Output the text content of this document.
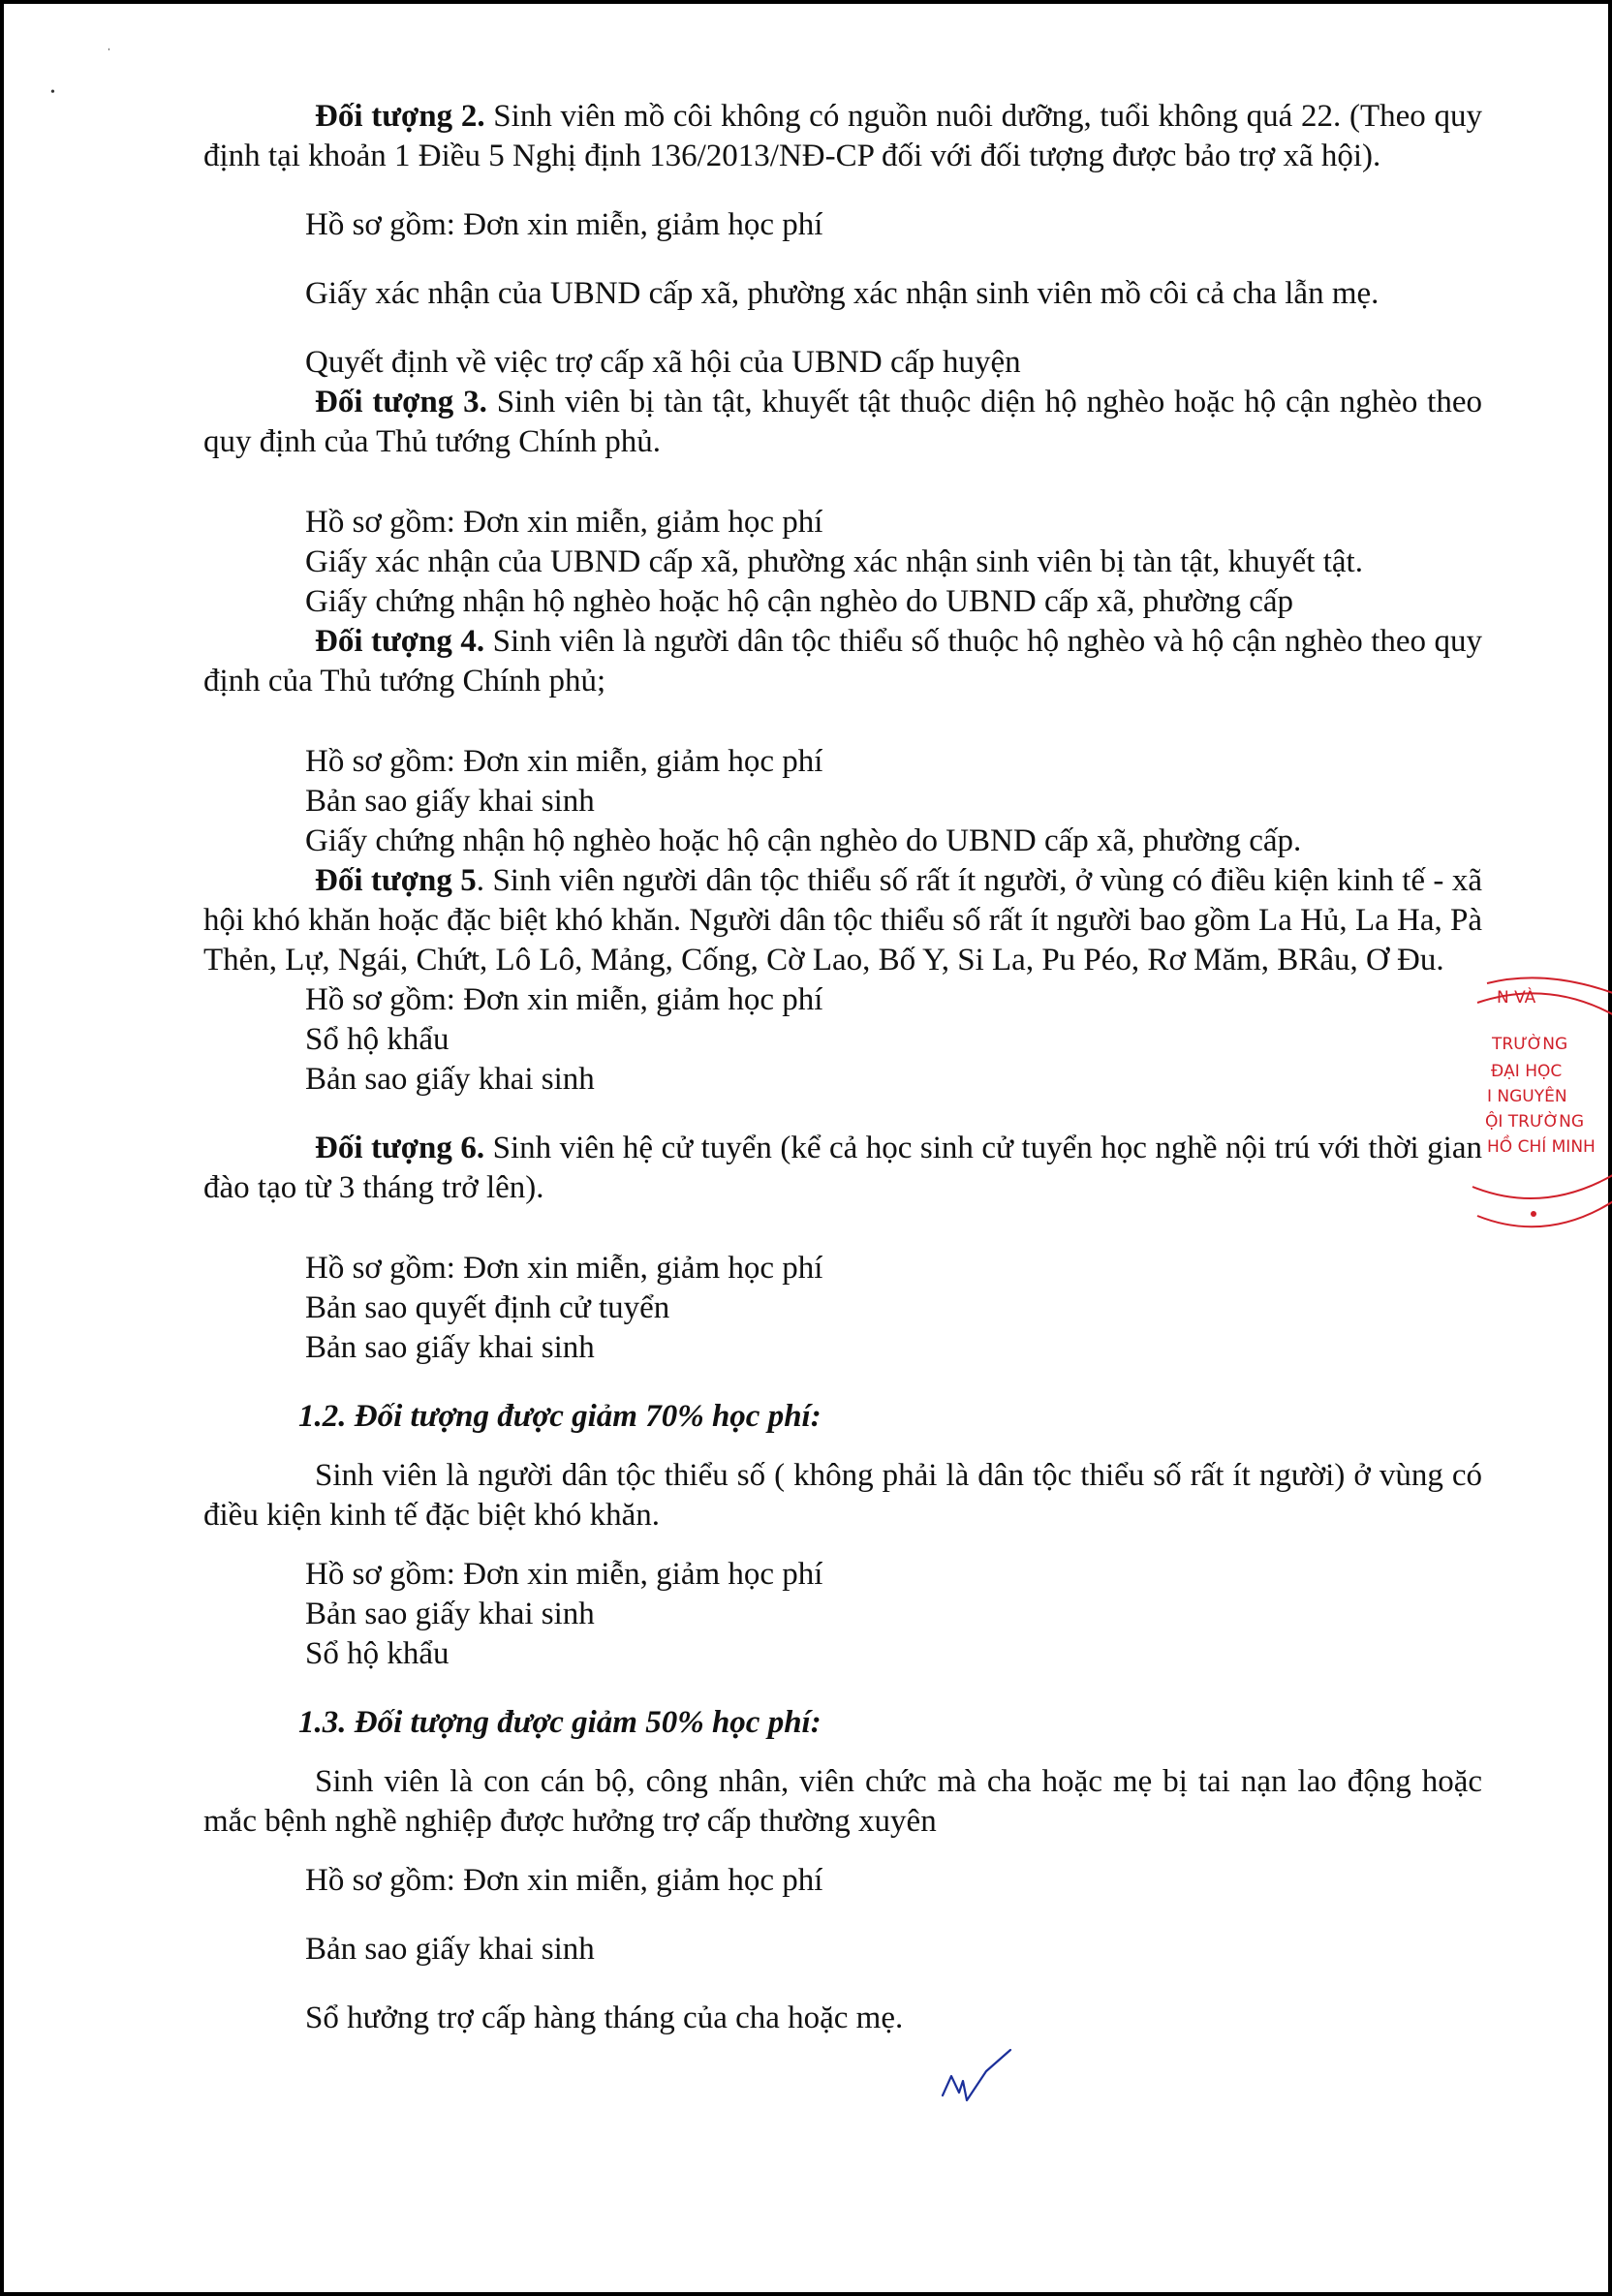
ˌ
•

Đối tượng 2. Sinh viên mồ côi không có nguồn nuôi dưỡng, tuổi không quá 22. (Theo quy định tại khoản 1 Điều 5 Nghị định 136/2013/NĐ-CP đối với đối tượng được bảo trợ xã hội).

Hồ sơ gồm: Đơn xin miễn, giảm học phí

Giấy xác nhận của UBND cấp xã, phường xác nhận sinh viên mồ côi cả cha lẫn mẹ.

Quyết định về việc trợ cấp xã hội của UBND cấp huyện

Đối tượng 3. Sinh viên bị tàn tật, khuyết tật thuộc diện hộ nghèo hoặc hộ cận nghèo theo quy định của Thủ tướng Chính phủ.

Hồ sơ gồm: Đơn xin miễn, giảm học phí

Giấy xác nhận của UBND cấp xã, phường xác nhận sinh viên bị tàn tật, khuyết tật.

Giấy chứng nhận hộ nghèo hoặc hộ cận nghèo do UBND cấp xã, phường cấp

Đối tượng 4. Sinh viên là người dân tộc thiểu số thuộc hộ nghèo và hộ cận nghèo theo quy định của Thủ tướng Chính phủ;

Hồ sơ gồm: Đơn xin miễn, giảm học phí

Bản sao giấy khai sinh

Giấy chứng nhận hộ nghèo hoặc hộ cận nghèo do UBND cấp xã, phường cấp.

Đối tượng 5. Sinh viên người dân tộc thiểu số rất ít người, ở vùng có điều kiện kinh tế - xã hội khó khăn hoặc đặc biệt khó khăn. Người dân tộc thiểu số rất ít người bao gồm La Hủ, La Ha, Pà Thẻn, Lự, Ngái, Chứt, Lô Lô, Mảng, Cống, Cờ Lao, Bố Y, Si La, Pu Péo, Rơ Măm, BRâu, Ơ Đu.

Hồ sơ gồm: Đơn xin miễn, giảm học phí

Sổ hộ khẩu

Bản sao giấy khai sinh

Đối tượng 6. Sinh viên hệ cử tuyển (kể cả học sinh cử tuyển học nghề nội trú với thời gian đào tạo từ 3 tháng trở lên).

Hồ sơ gồm: Đơn xin miễn, giảm học phí

Bản sao quyết định cử tuyển

Bản sao giấy khai sinh

1.2. Đối tượng được giảm 70% học phí:

Sinh viên là người dân tộc thiểu số ( không phải là dân tộc thiểu số rất ít người) ở vùng có điều kiện kinh tế đặc biệt khó khăn.

Hồ sơ gồm: Đơn xin miễn, giảm học phí

Bản sao giấy khai sinh

Sổ hộ khẩu

1.3. Đối tượng được giảm 50% học phí:

Sinh viên là con cán bộ, công nhân, viên chức mà cha hoặc mẹ bị tai nạn lao động hoặc mắc bệnh nghề nghiệp được hưởng trợ cấp thường xuyên

Hồ sơ gồm: Đơn xin miễn, giảm học phí

Bản sao giấy khai sinh

Sổ hưởng trợ cấp hàng tháng của cha hoặc mẹ.

N VÀ
TRƯỜNG
ĐẠI HỌC
I NGUYÊN
ỘI TRƯỜNG
HỒ CHÍ MINH
